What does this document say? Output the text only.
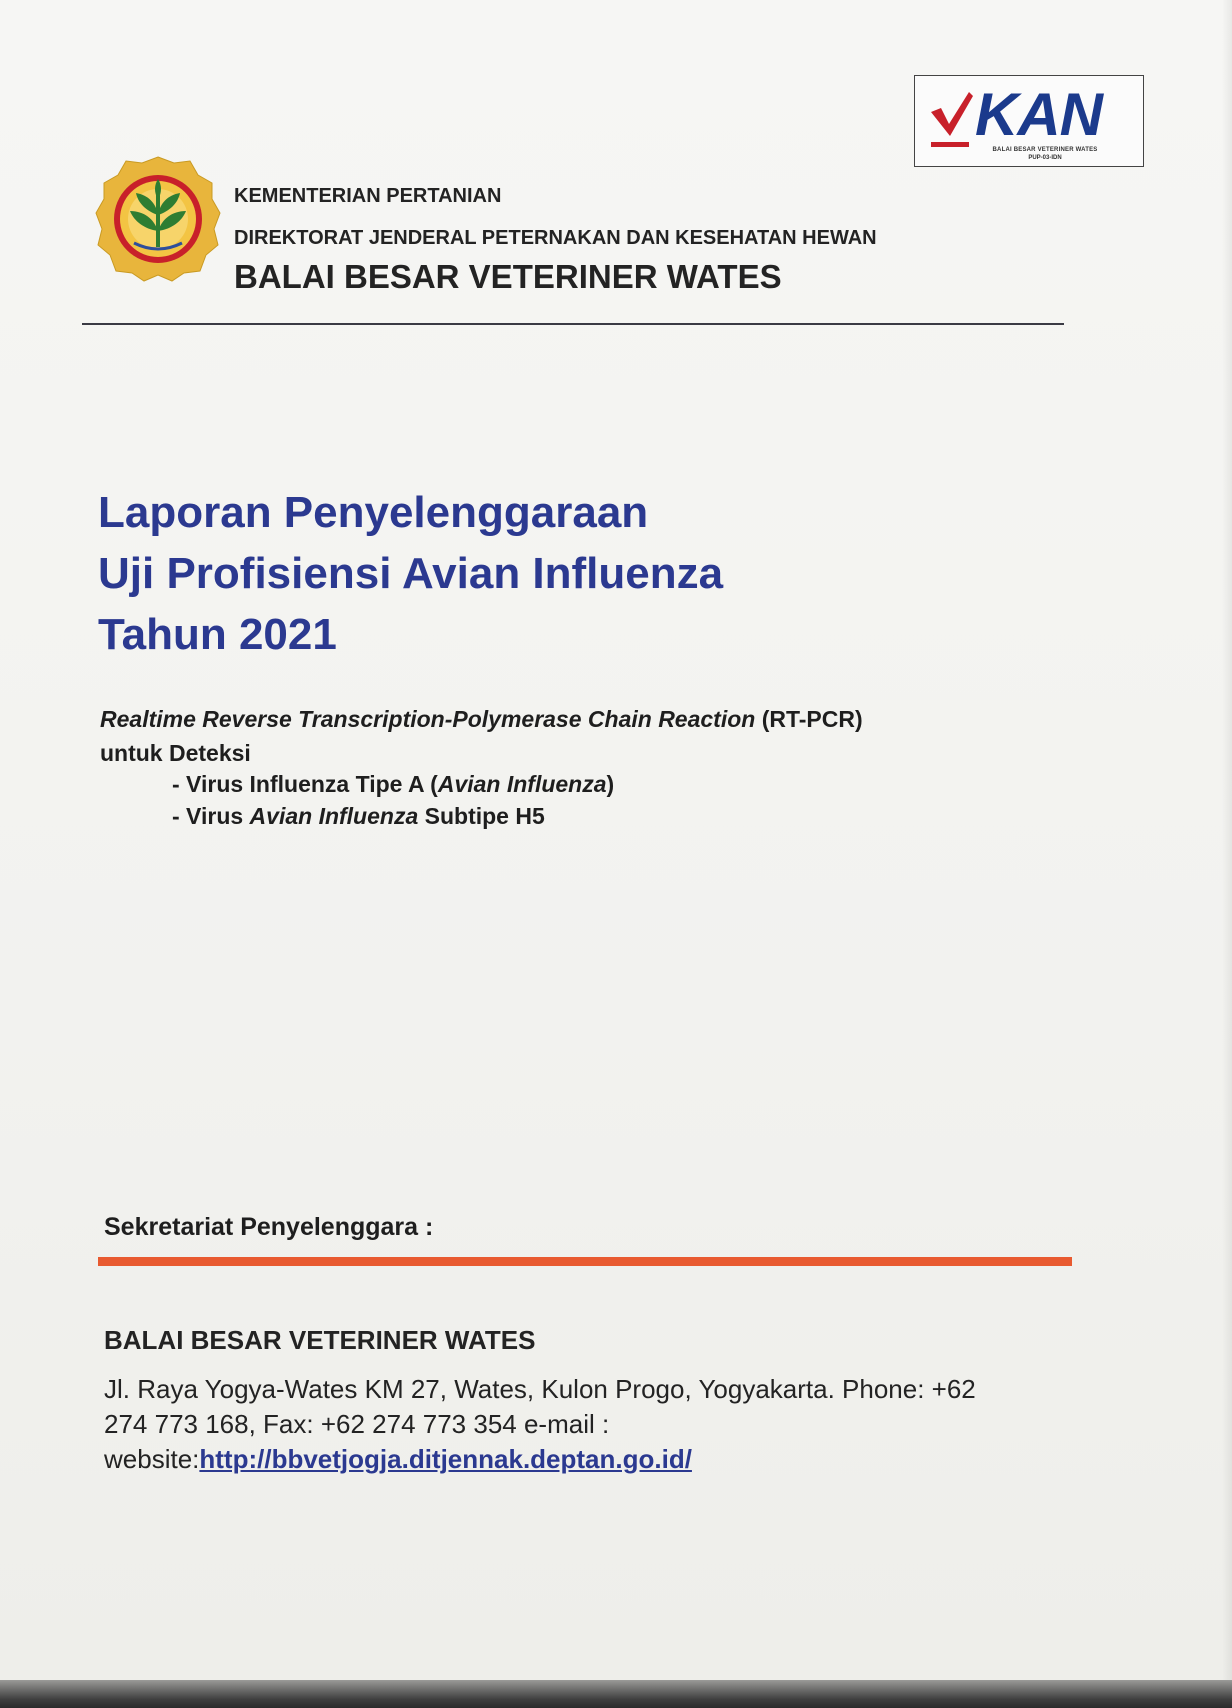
KAN
BALAI BESAR VETERINER WATES
PUP-03-IDN
KEMENTERIAN PERTANIAN
DIREKTORAT JENDERAL PETERNAKAN DAN KESEHATAN HEWAN
BALAI BESAR VETERINER WATES
Laporan Penyelenggaraan
Uji Profisiensi Avian Influenza
Tahun 2021
Realtime Reverse Transcription-Polymerase Chain Reaction (RT-PCR)
untuk Deteksi
- Virus Influenza Tipe A (Avian Influenza)
- Virus Avian Influenza Subtipe H5
Sekretariat Penyelenggara :
BALAI BESAR VETERINER WATES
Jl. Raya Yogya-Wates KM 27, Wates, Kulon Progo, Yogyakarta. Phone: +62
274 773 168, Fax: +62 274 773 354 e-mail :
website:http://bbvetjogja.ditjennak.deptan.go.id/
